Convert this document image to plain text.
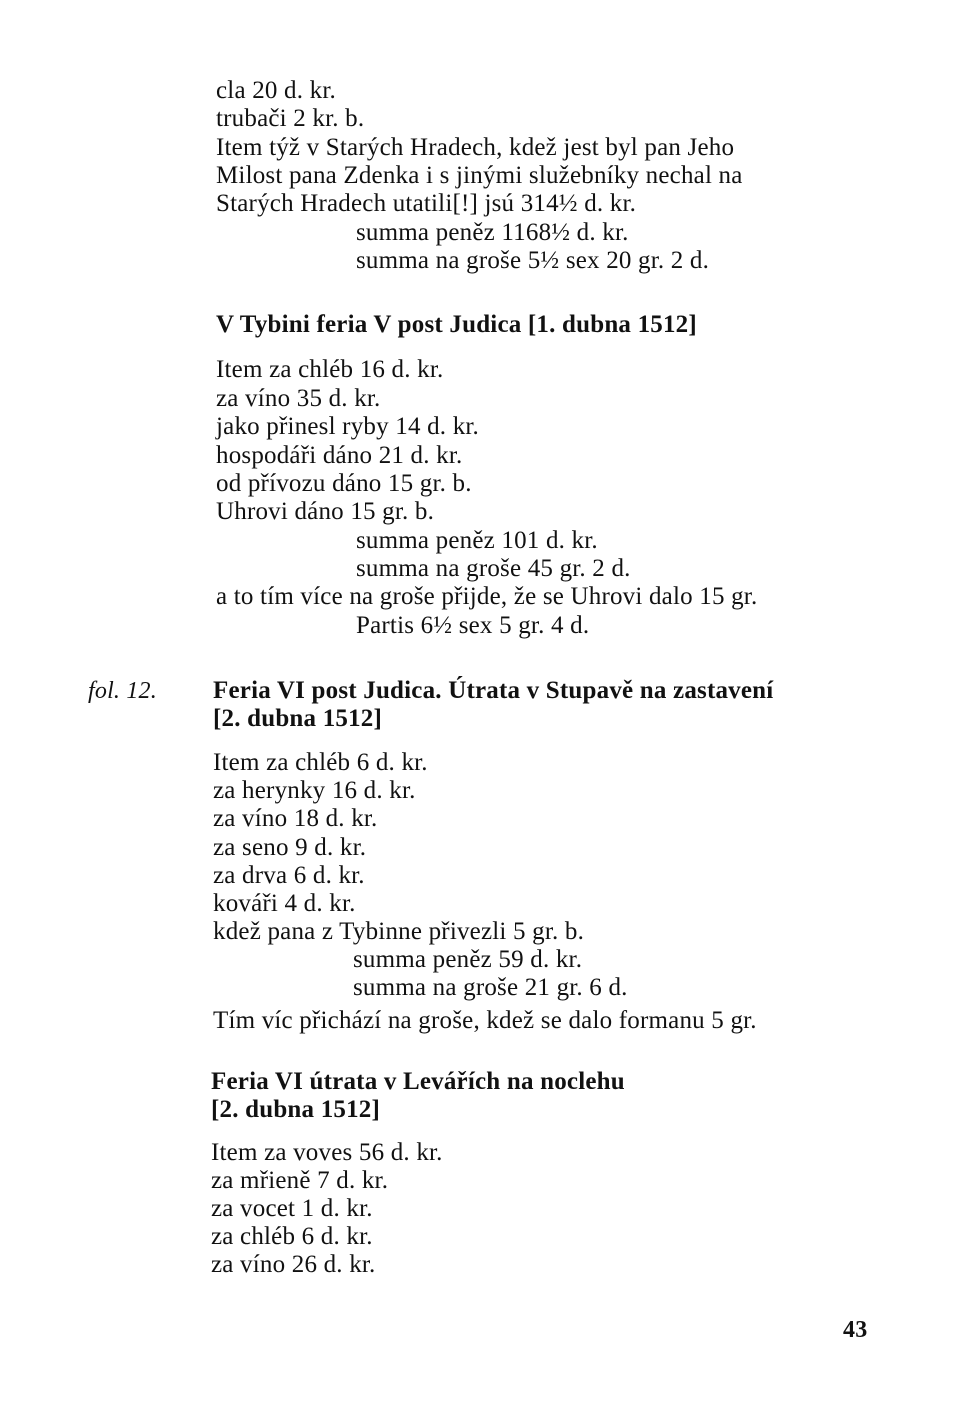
cla 20 d. kr.
trubači 2 kr. b.
Item týž v Starých Hradech, kdež jest byl pan Jeho
Milost pana Zdenka i s jinými služebníky nechal na
Starých Hradech utatili[!] jsú 314½ d. kr.
summa peněz 1168½ d. kr.
summa na groše 5½ sex 20 gr. 2 d.
V Tybini feria V post Judica [1. dubna 1512]
Item za chléb 16 d. kr.
za víno 35 d. kr.
jako přinesl ryby 14 d. kr.
hospodáři dáno 21 d. kr.
od přívozu dáno 15 gr. b.
Uhrovi dáno 15 gr. b.
summa peněz 101 d. kr.
summa na groše 45 gr. 2 d.
a to tím více na groše přijde, že se Uhrovi dalo 15 gr.
Partis 6½ sex 5 gr. 4 d.
fol. 12. Feria VI post Judica. Útrata v Stupavě na zastavení
[2. dubna 1512]
Item za chléb 6 d. kr.
za herynky 16 d. kr.
za víno 18 d. kr.
za seno 9 d. kr.
za drva 6 d. kr.
kováři 4 d. kr.
kdež pana z Tybinne přivezli 5 gr. b.
summa peněz 59 d. kr.
summa na groše 21 gr. 6 d.
Tím víc přichází na groše, kdež se dalo formanu 5 gr.
Feria VI útrata v Levářích na noclehu
[2. dubna 1512]
Item za voves 56 d. kr.
za mřieně 7 d. kr.
za vocet 1 d. kr.
za chléb 6 d. kr.
za víno 26 d. kr.
43
